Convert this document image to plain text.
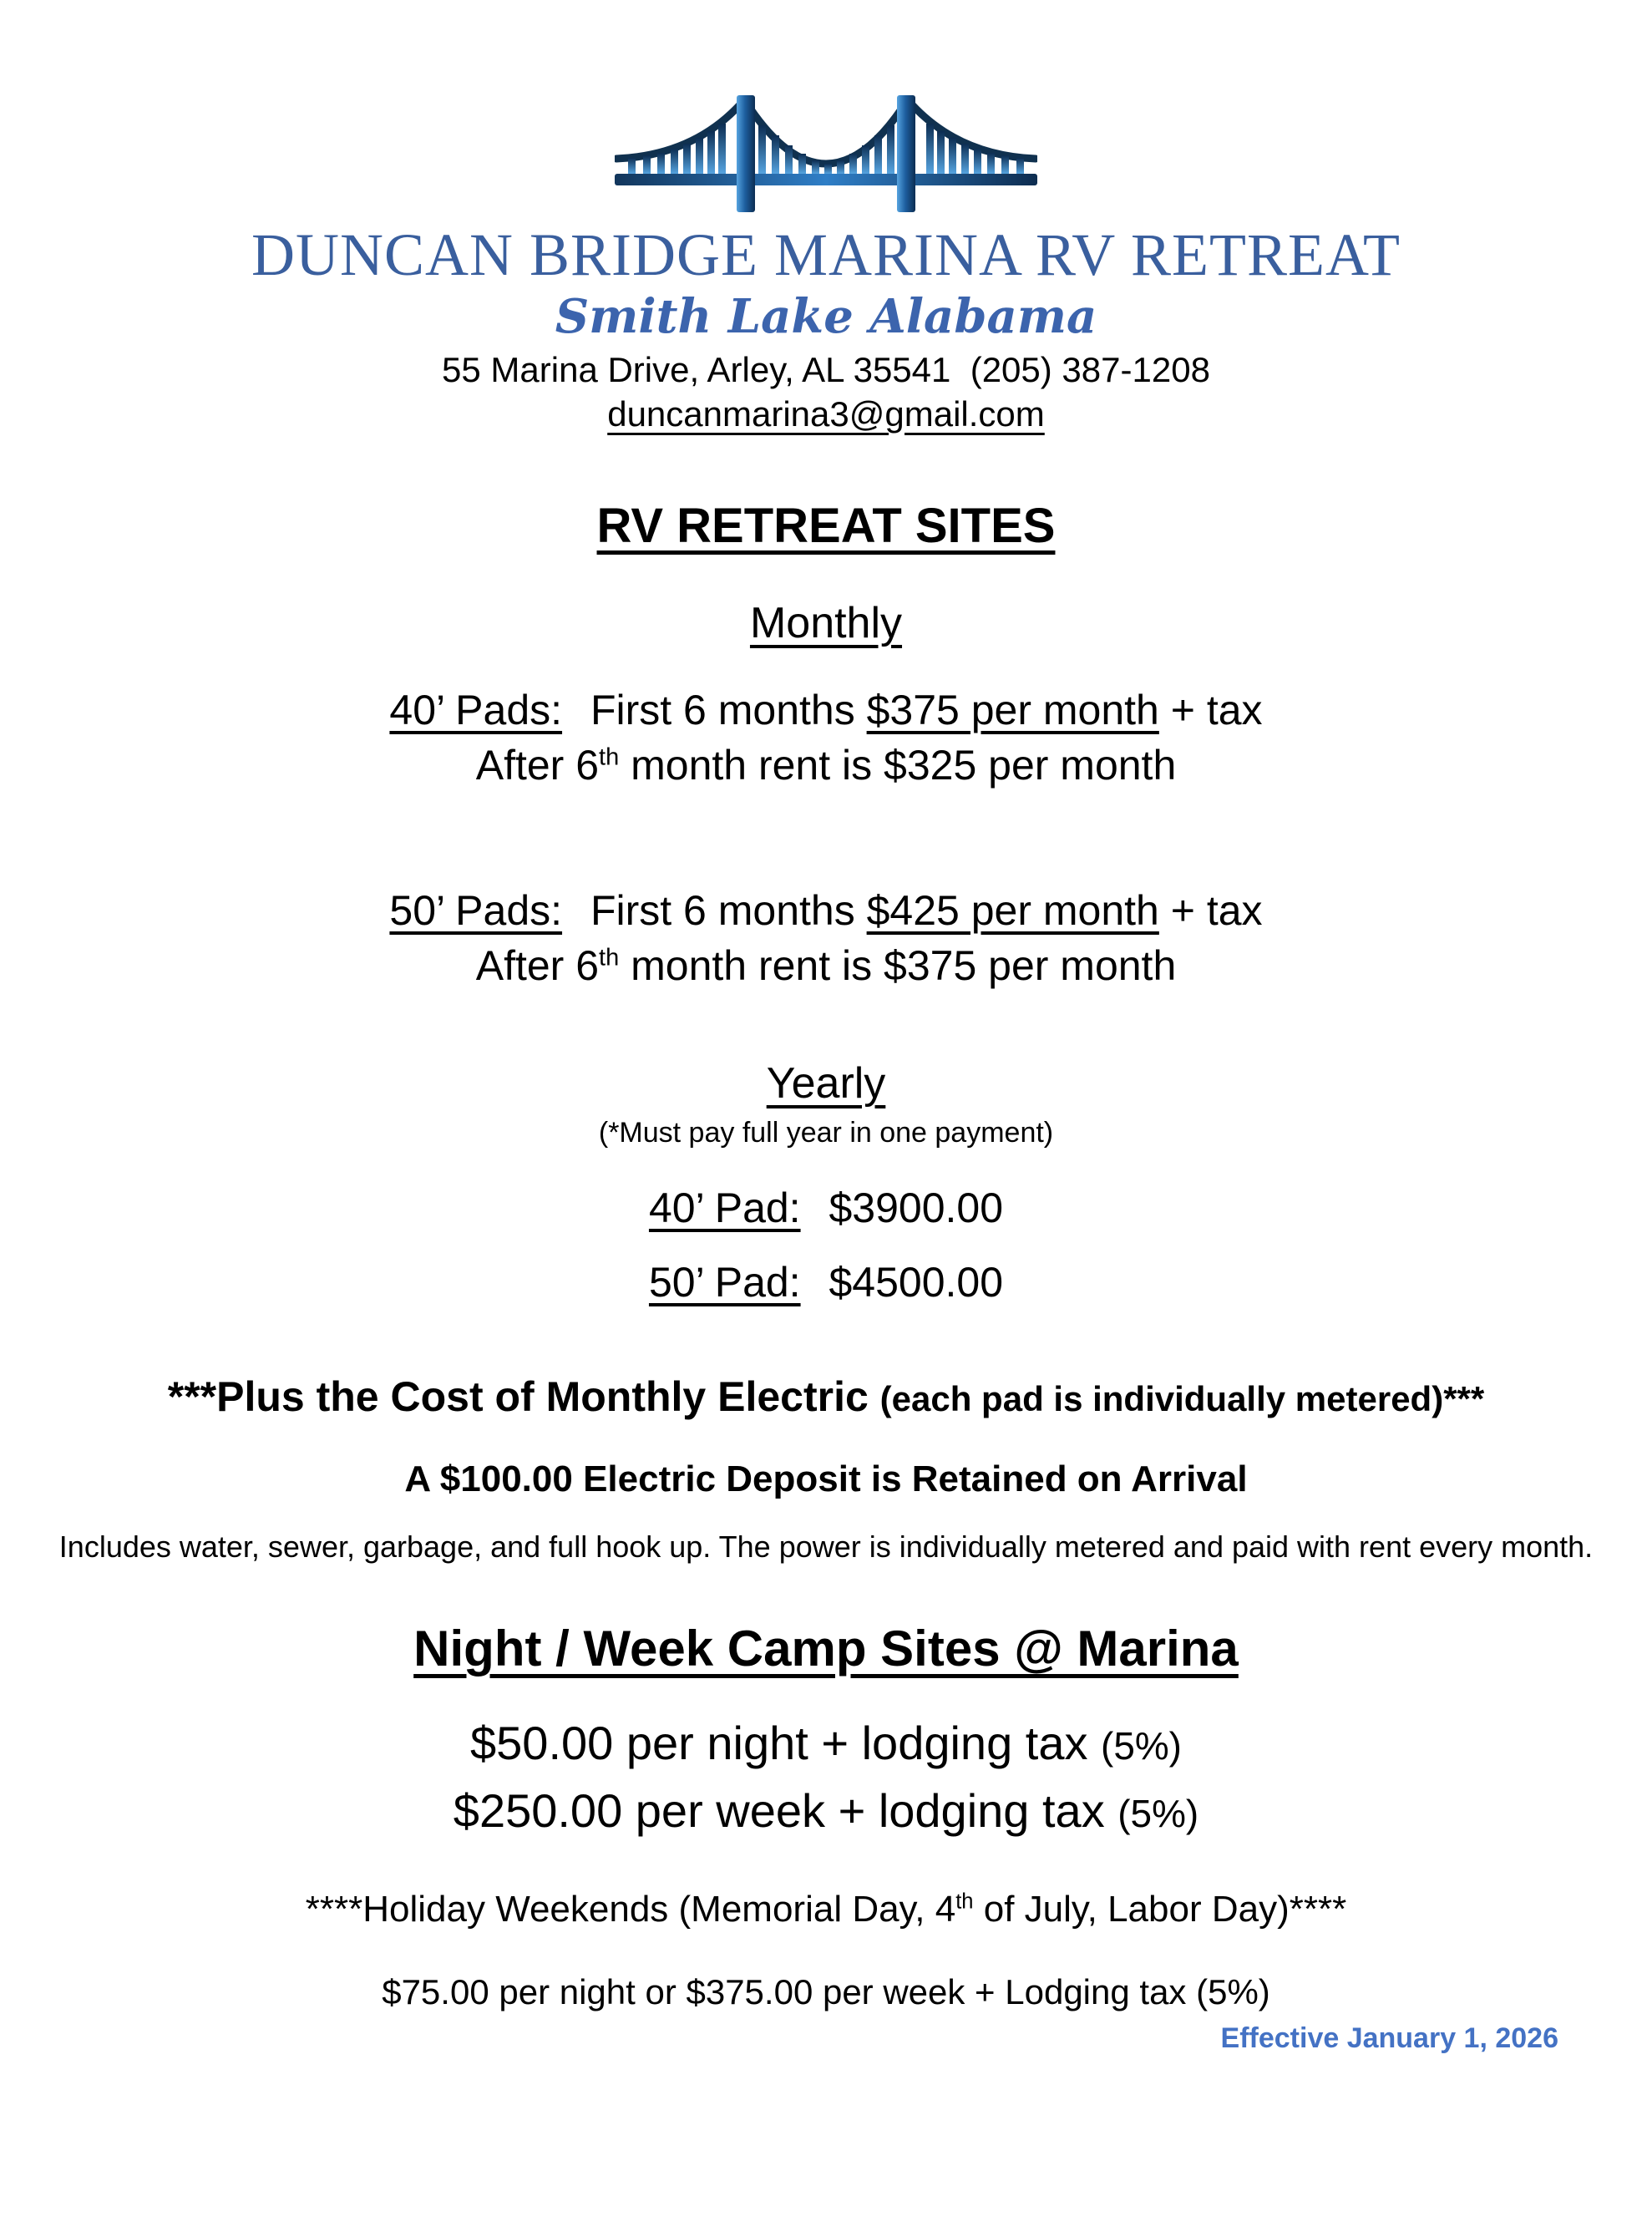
DUNCAN BRIDGE MARINA RV RETREAT
Smith Lake Alabama
55 Marina Drive, Arley, AL 35541  (205) 387-1208
duncanmarina3@gmail.com
RV RETREAT SITES
Monthly
40’ Pads: First 6 months $375 per month + tax
After 6th month rent is $325 per month
50’ Pads: First 6 months $425 per month + tax
After 6th month rent is $375 per month
Yearly
(*Must pay full year in one payment)
40’ Pad: $3900.00
50’ Pad: $4500.00
***Plus the Cost of Monthly Electric (each pad is individually metered)***
A $100.00 Electric Deposit is Retained on Arrival
Includes water, sewer, garbage, and full hook up. The power is individually metered and paid with rent every month.
Night / Week Camp Sites @ Marina
$50.00 per night + lodging tax (5%)
$250.00 per week + lodging tax (5%)
****Holiday Weekends (Memorial Day, 4th of July, Labor Day)****
$75.00 per night or $375.00 per week + Lodging tax (5%)
Effective January 1, 2026
